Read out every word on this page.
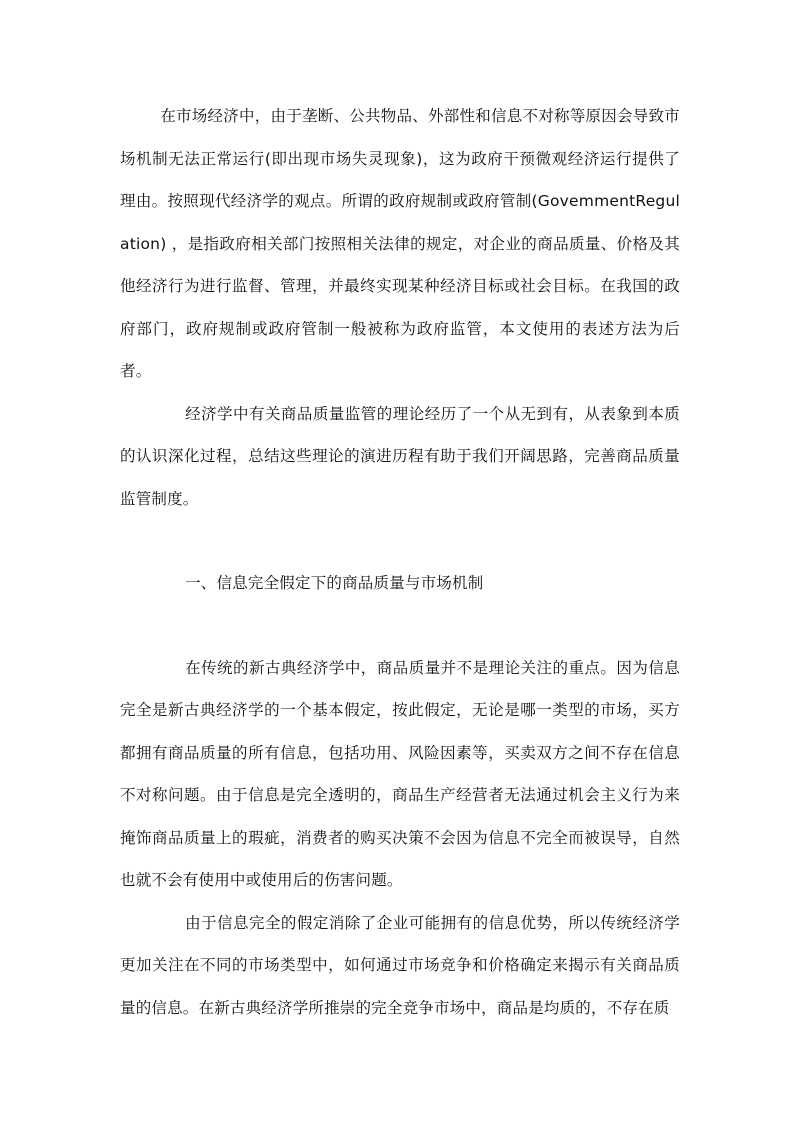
在市场经济中，由于垄断、公共物品、外部性和信息不对称等原因会导致市场机制无法正常运行(即出现市场失灵现象)，这为政府干预微观经济运行提供了理由。按照现代经济学的观点。所谓的政府规制或政府管制(GovemmentRegulation) ，是指政府相关部门按照相关法律的规定，对企业的商品质量、价格及其他经济行为进行监督、管理，并最终实现某种经济目标或社会目标。在我国的政府部门，政府规制或政府管制一般被称为政府监管，本文使用的表述方法为后者。

经济学中有关商品质量监管的理论经历了一个从无到有，从表象到本质的认识深化过程，总结这些理论的演进历程有助于我们开阔思路，完善商品质量监管制度。

一、信息完全假定下的商品质量与市场机制

在传统的新古典经济学中，商品质量并不是理论关注的重点。因为信息完全是新古典经济学的一个基本假定，按此假定，无论是哪一类型的市场，买方都拥有商品质量的所有信息，包括功用、风险因素等，买卖双方之间不存在信息不对称问题。由于信息是完全透明的，商品生产经营者无法通过机会主义行为来掩饰商品质量上的瑕疵，消费者的购买决策不会因为信息不完全而被误导，自然也就不会有使用中或使用后的伤害问题。

由于信息完全的假定消除了企业可能拥有的信息优势，所以传统经济学更加关注在不同的市场类型中，如何通过市场竞争和价格确定来揭示有关商品质量的信息。在新古典经济学所推崇的完全竞争市场中，商品是均质的，不存在质
